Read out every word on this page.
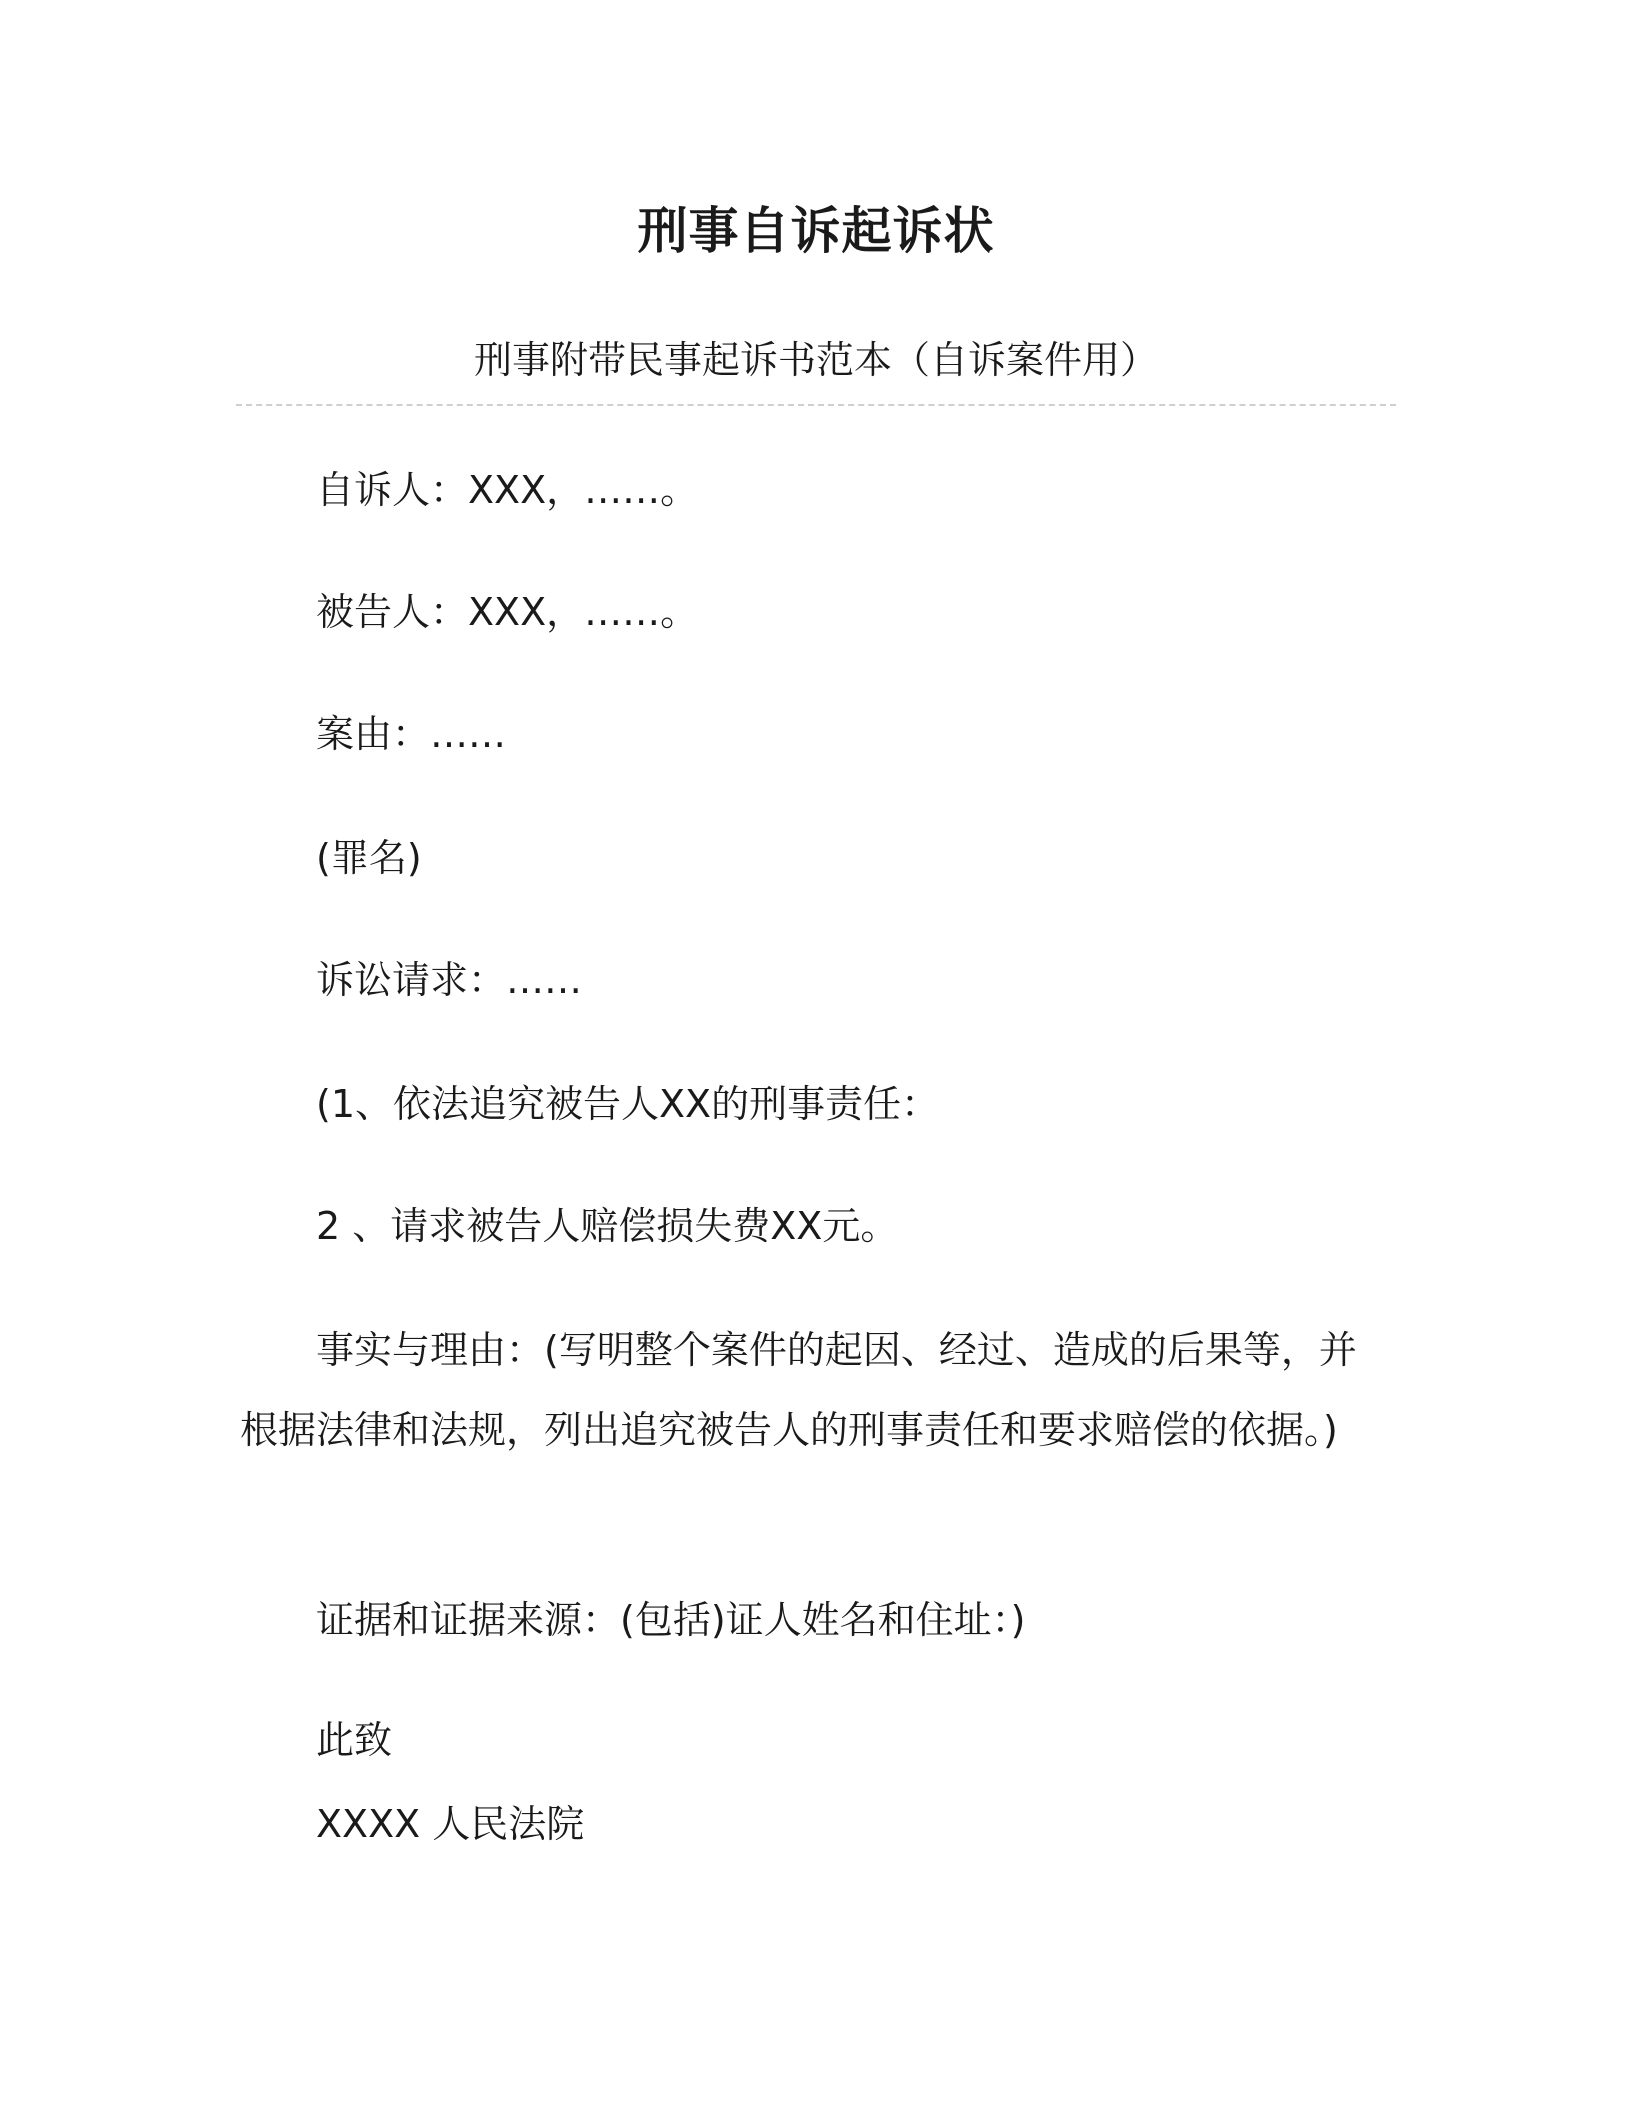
刑事自诉起诉状
刑事附带民事起诉书范本（自诉案件用）
自诉人：XXX，……。
被告人：XXX，……。
案由：……
(罪名)
诉讼请求：……
(1、依法追究被告人XX的刑事责任：
2 、请求被告人赔偿损失费XX元。
事实与理由：(写明整个案件的起因、经过、造成的后果等，并根据法律和法规，列出追究被告人的刑事责任和要求赔偿的依据。)
证据和证据来源：(包括)证人姓名和住址：)
此致
XXXX 人民法院
